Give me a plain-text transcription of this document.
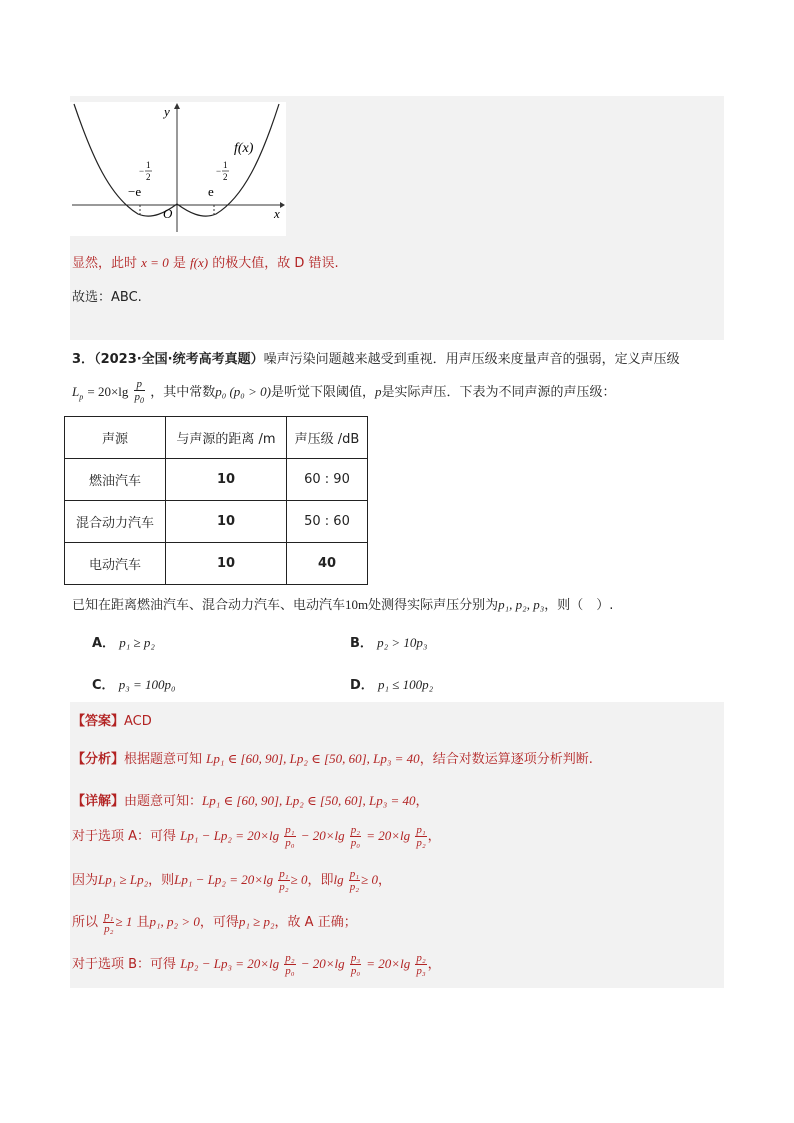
y
x
O
f(x)
−e
−
1
2
e
−
1
2
显然，此时 x = 0 是 f(x) 的极大值，故 D 错误.
故选：ABC.
3．（2023·全国·统考高考真题）噪声污染问题越来越受到重视．用声压级来度量声音的强弱，定义声压级
$L_p = 20\times\lg \frac{p}{p_0}$ ，其中常数p₀ (p₀ > 0)是听觉下限阈值，p是实际声压．下表为不同声源的声压级：
声源	与声源的距离 /m	声压级 /dB
燃油汽车	10	60 : 90
混合动力汽车	10	50 : 60
电动汽车	10	40
已知在距离燃油汽车、混合动力汽车、电动汽车10m处测得实际声压分别为p₁, p₂, p₃，则（　）.
A． p₁ ≥ p₂	B． p₂ > 10p₃
C． p₃ = 100p₀	D． p₁ ≤ 100p₂
【答案】ACD
【分析】根据题意可知 Lp₁ ∈ [60, 90], Lp₂ ∈ [50, 60], Lp₃ = 40，结合对数运算逐项分析判断.
【详解】由题意可知：Lp₁ ∈ [60, 90], Lp₂ ∈ [50, 60], Lp₃ = 40，
对于选项 A：可得 $Lp_1 - Lp_2 = 20\times\lg \frac{\text{p₁}}{\text{p₀}} - 20\times\lg \frac{\text{p₂}}{\text{p₀}} = 20\times\lg \frac{\text{p₁}}{\text{p₂}}$ ，
因为Lp₁ ≥ Lp₂，则$Lp_1 - Lp_2 = 20\times\lg \frac{\text{p₁}}{\text{p₂}} \ge 0$，即$\lg \frac{\text{p₁}}{\text{p₂}} \ge 0$，
所以 $\frac{\text{p₁}}{\text{p₂}} \ge 1$ 且p₁, p₂ > 0，可得p₁ ≥ p₂，故 A 正确；
对于选项 B：可得 $Lp_2 - Lp_3 = 20\times\lg \frac{\text{p₂}}{\text{p₀}} - 20\times\lg \frac{\text{p₃}}{\text{p₀}} = 20\times\lg \frac{\text{p₂}}{\text{p₃}}$ ，
